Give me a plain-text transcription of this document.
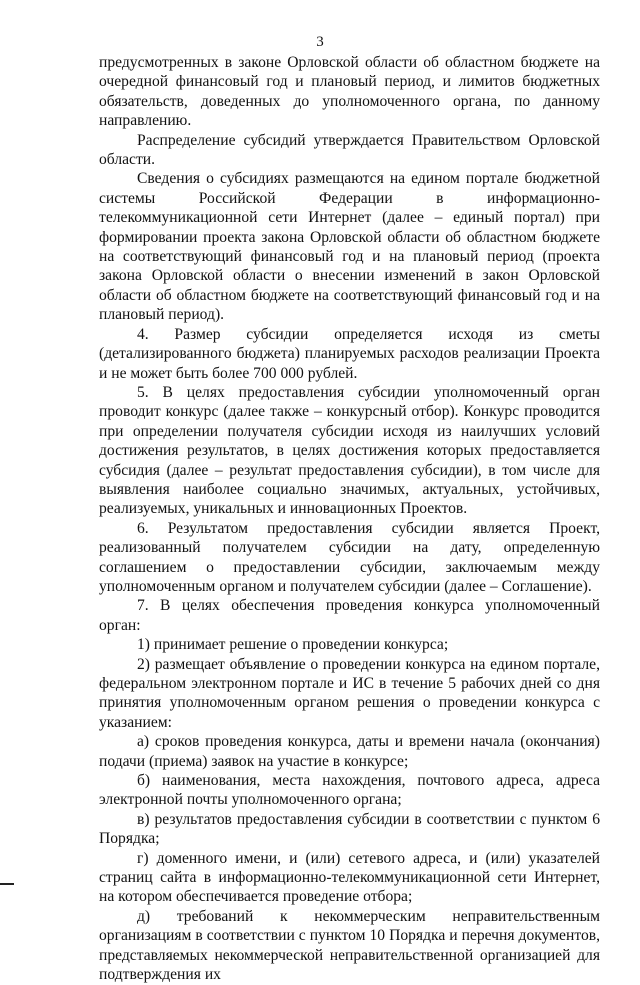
3

предусмотренных в законе Орловской области об областном бюджете на очередной финансовый год и плановый период, и лимитов бюджетных обязательств, доведенных до уполномоченного органа, по данному направлению.

Распределение субсидий утверждается Правительством Орловской области.

Сведения о субсидиях размещаются на едином портале бюджетной системы Российской Федерации в информационно-телекоммуникационной сети Интернет (далее – единый портал) при формировании проекта закона Орловской области об областном бюджете на соответствующий финансовый год и на плановый период (проекта закона Орловской области о внесении изменений в закон Орловской области об областном бюджете на соответствующий финансовый год и на плановый период).

4. Размер субсидии определяется исходя из сметы (детализированного бюджета) планируемых расходов реализации Проекта и не может быть более 700 000 рублей.

5. В целях предоставления субсидии уполномоченный орган проводит конкурс (далее также – конкурсный отбор). Конкурс проводится при определении получателя субсидии исходя из наилучших условий достижения результатов, в целях достижения которых предоставляется субсидия (далее – результат предоставления субсидии), в том числе для выявления наиболее социально значимых, актуальных, устойчивых, реализуемых, уникальных и инновационных Проектов.

6. Результатом предоставления субсидии является Проект, реализованный получателем субсидии на дату, определенную соглашением о предоставлении субсидии, заключаемым между уполномоченным органом и получателем субсидии (далее – Соглашение).

7. В целях обеспечения проведения конкурса уполномоченный орган:

1) принимает решение о проведении конкурса;

2) размещает объявление о проведении конкурса на едином портале, федеральном электронном портале и ИС в течение 5 рабочих дней со дня принятия уполномоченным органом решения о проведении конкурса с указанием:

а) сроков проведения конкурса, даты и времени начала (окончания) подачи (приема) заявок на участие в конкурсе;

б) наименования, места нахождения, почтового адреса, адреса электронной почты уполномоченного органа;

в) результатов предоставления субсидии в соответствии с пунктом 6 Порядка;

г) доменного имени, и (или) сетевого адреса, и (или) указателей страниц сайта в информационно-телекоммуникационной сети Интернет, на котором обеспечивается проведение отбора;

д) требований к некоммерческим неправительственным организациям в соответствии с пунктом 10 Порядка и перечня документов, представляемых некоммерческой неправительственной организацией для подтверждения их
